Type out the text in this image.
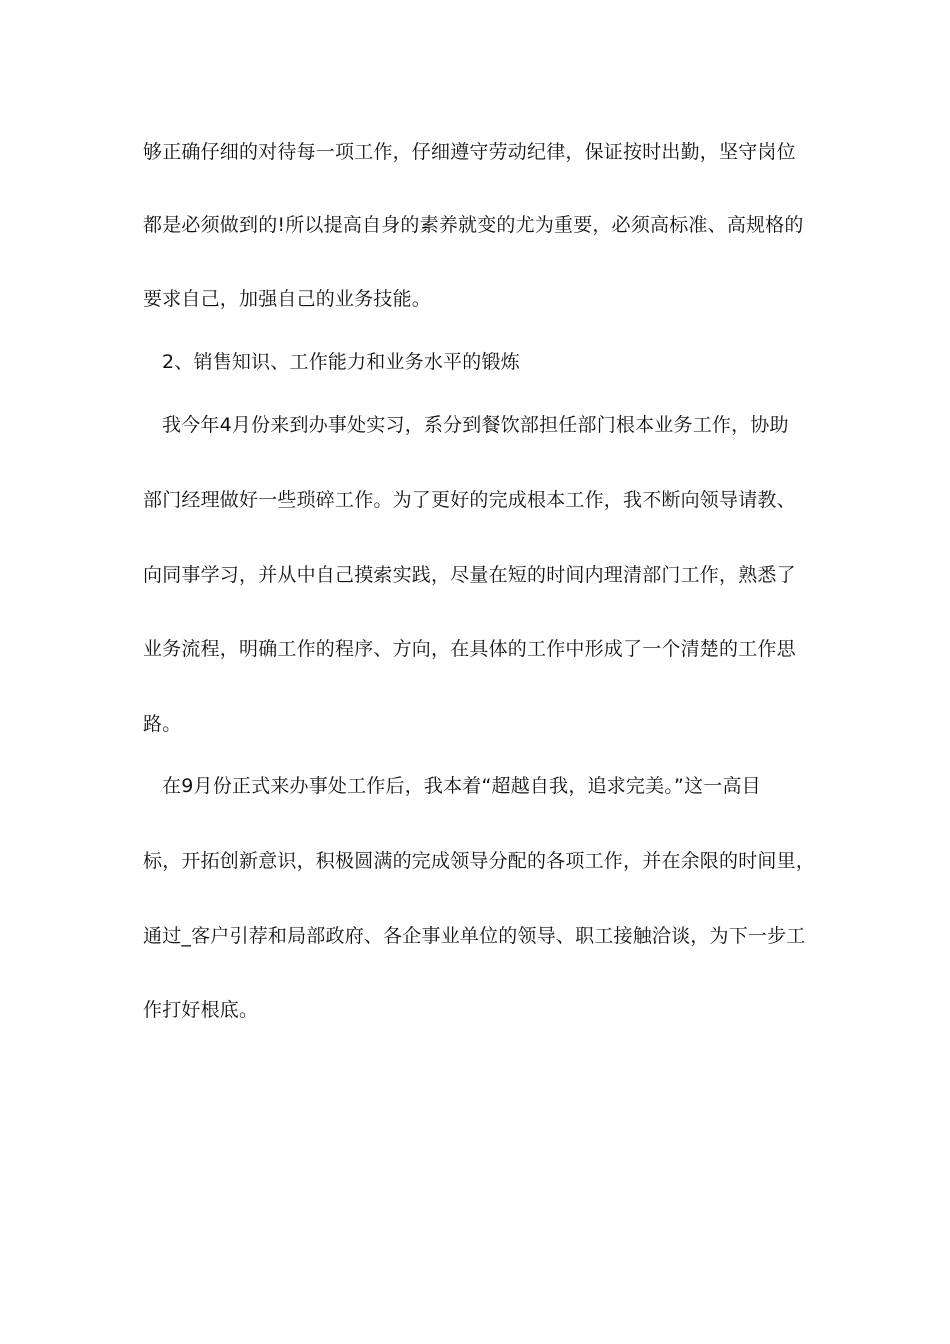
够正确仔细的对待每一项工作，仔细遵守劳动纪律，保证按时出勤，坚守岗位
都是必须做到的!所以提高自身的素养就变的尤为重要，必须高标准、高规格的
要求自己，加强自己的业务技能。
2、销售知识、工作能力和业务水平的锻炼
我今年4月份来到办事处实习，系分到餐饮部担任部门根本业务工作，协助
部门经理做好一些琐碎工作。为了更好的完成根本工作，我不断向领导请教、
向同事学习，并从中自己摸索实践，尽量在短的时间内理清部门工作，熟悉了
业务流程，明确工作的程序、方向，在具体的工作中形成了一个清楚的工作思
路。
在9月份正式来办事处工作后，我本着“超越自我，追求完美。”这一高目
标，开拓创新意识，积极圆满的完成领导分配的各项工作，并在余限的时间里，
通过_客户引荐和局部政府、各企事业单位的领导、职工接触洽谈，为下一步工
作打好根底。
